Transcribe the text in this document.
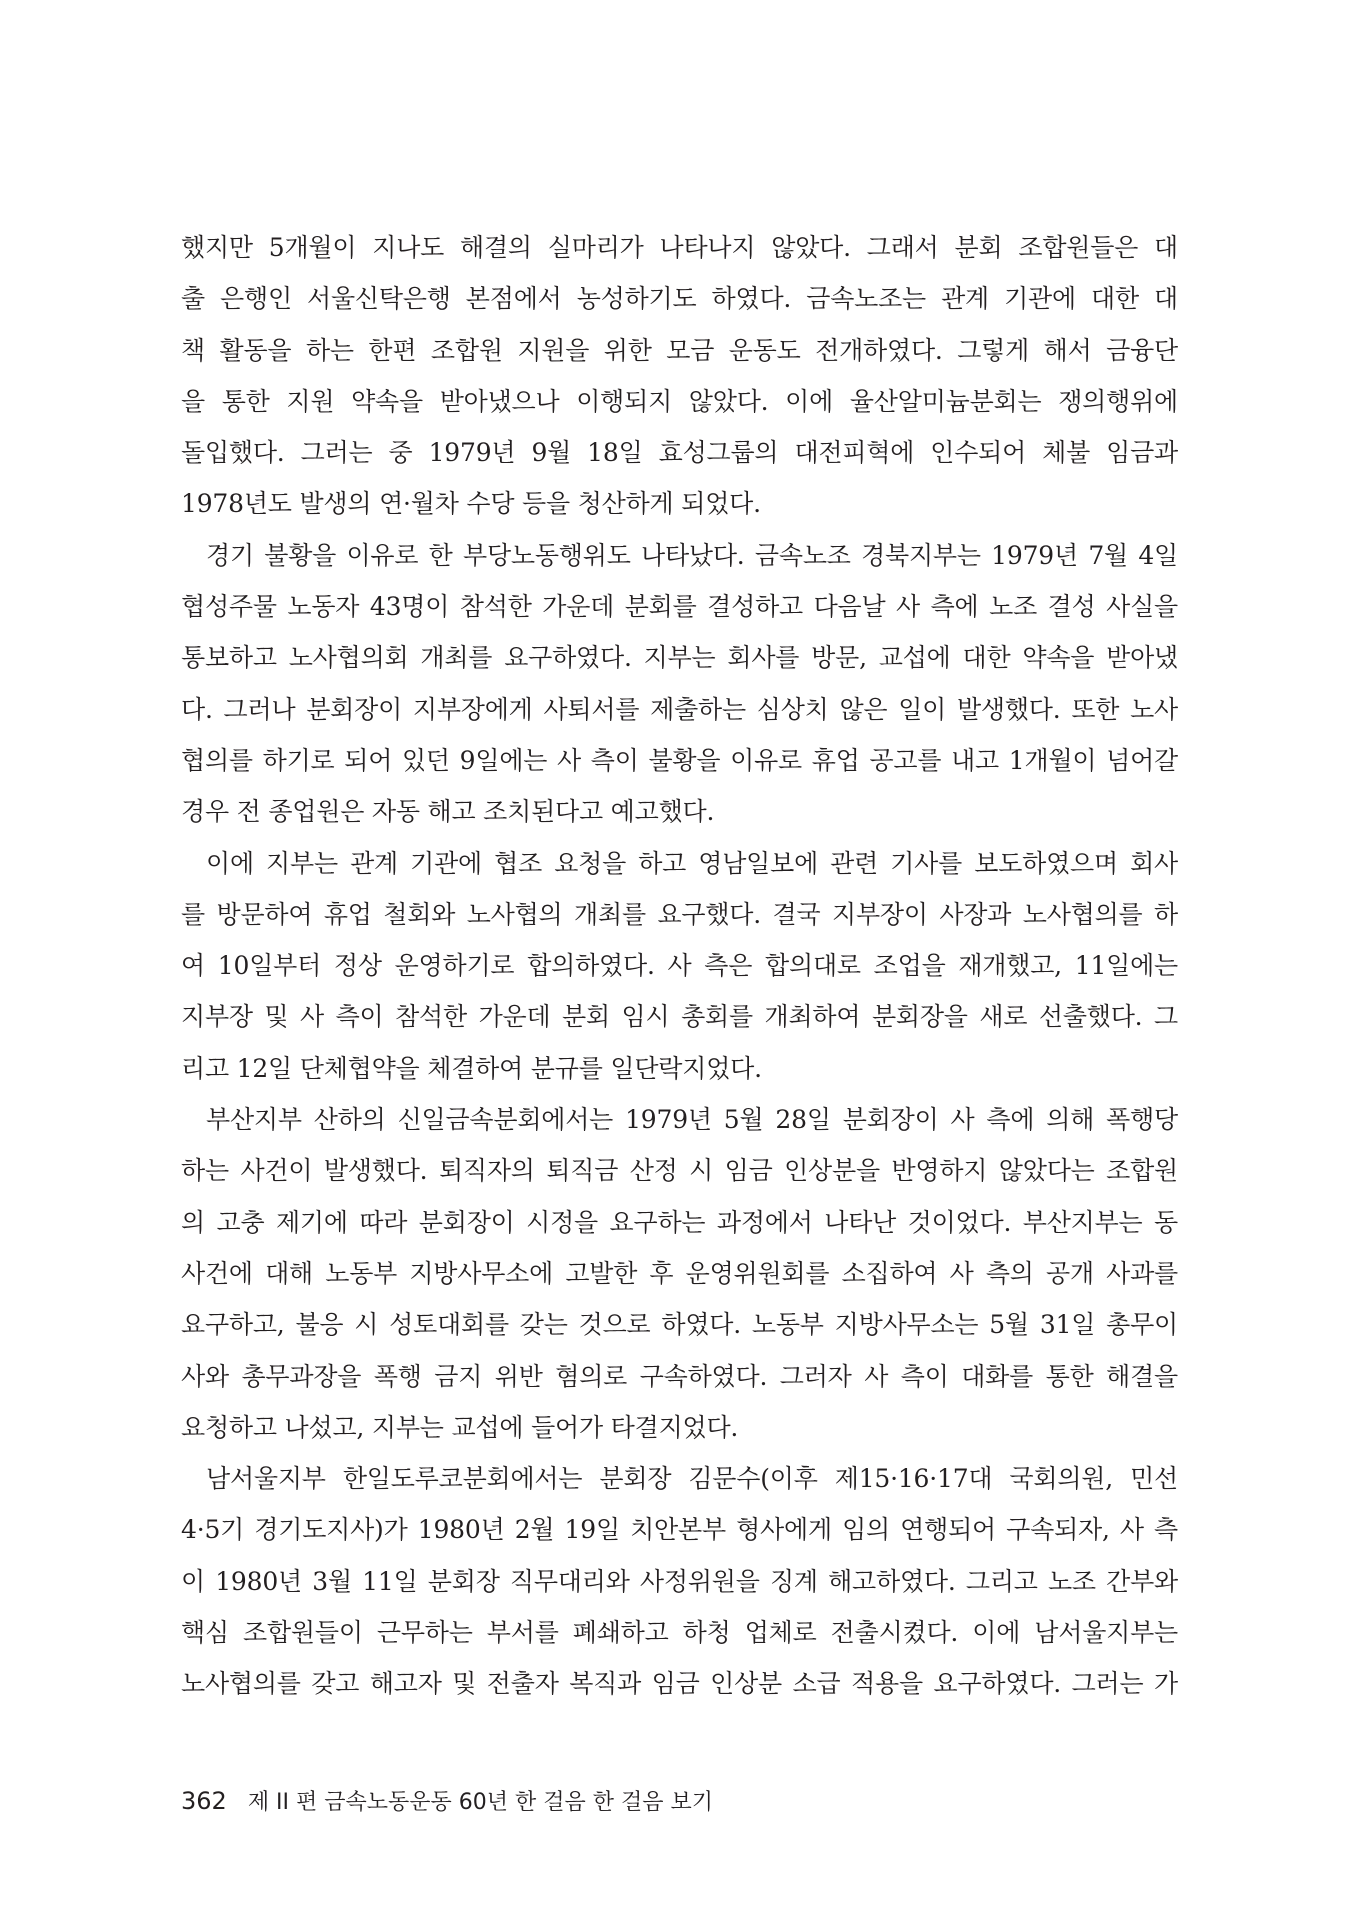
했지만 5개월이 지나도 해결의 실마리가 나타나지 않았다. 그래서 분회 조합원들은 대
출 은행인 서울신탁은행 본점에서 농성하기도 하였다. 금속노조는 관계 기관에 대한 대
책 활동을 하는 한편 조합원 지원을 위한 모금 운동도 전개하였다. 그렇게 해서 금융단
을 통한 지원 약속을 받아냈으나 이행되지 않았다. 이에 율산알미늄분회는 쟁의행위에
돌입했다. 그러는 중 1979년 9월 18일 효성그룹의 대전피혁에 인수되어 체불 임금과
1978년도 발생의 연·월차 수당 등을 청산하게 되었다.
경기 불황을 이유로 한 부당노동행위도 나타났다. 금속노조 경북지부는 1979년 7월 4일
협성주물 노동자 43명이 참석한 가운데 분회를 결성하고 다음날 사 측에 노조 결성 사실을
통보하고 노사협의회 개최를 요구하였다. 지부는 회사를 방문, 교섭에 대한 약속을 받아냈
다. 그러나 분회장이 지부장에게 사퇴서를 제출하는 심상치 않은 일이 발생했다. 또한 노사
협의를 하기로 되어 있던 9일에는 사 측이 불황을 이유로 휴업 공고를 내고 1개월이 넘어갈
경우 전 종업원은 자동 해고 조치된다고 예고했다.
이에 지부는 관계 기관에 협조 요청을 하고 영남일보에 관련 기사를 보도하였으며 회사
를 방문하여 휴업 철회와 노사협의 개최를 요구했다. 결국 지부장이 사장과 노사협의를 하
여 10일부터 정상 운영하기로 합의하였다. 사 측은 합의대로 조업을 재개했고, 11일에는
지부장 및 사 측이 참석한 가운데 분회 임시 총회를 개최하여 분회장을 새로 선출했다. 그
리고 12일 단체협약을 체결하여 분규를 일단락지었다.
부산지부 산하의 신일금속분회에서는 1979년 5월 28일 분회장이 사 측에 의해 폭행당
하는 사건이 발생했다. 퇴직자의 퇴직금 산정 시 임금 인상분을 반영하지 않았다는 조합원
의 고충 제기에 따라 분회장이 시정을 요구하는 과정에서 나타난 것이었다. 부산지부는 동
사건에 대해 노동부 지방사무소에 고발한 후 운영위원회를 소집하여 사 측의 공개 사과를
요구하고, 불응 시 성토대회를 갖는 것으로 하였다. 노동부 지방사무소는 5월 31일 총무이
사와 총무과장을 폭행 금지 위반 혐의로 구속하였다. 그러자 사 측이 대화를 통한 해결을
요청하고 나섰고, 지부는 교섭에 들어가 타결지었다.
남서울지부 한일도루코분회에서는 분회장 김문수(이후 제15·16·17대 국회의원, 민선
4·5기 경기도지사)가 1980년 2월 19일 치안본부 형사에게 임의 연행되어 구속되자, 사 측
이 1980년 3월 11일 분회장 직무대리와 사정위원을 징계 해고하였다. 그리고 노조 간부와
핵심 조합원들이 근무하는 부서를 폐쇄하고 하청 업체로 전출시켰다. 이에 남서울지부는
노사협의를 갖고 해고자 및 전출자 복직과 임금 인상분 소급 적용을 요구하였다. 그러는 가
362 제 II 편 금속노동운동 60년 한 걸음 한 걸음 보기
